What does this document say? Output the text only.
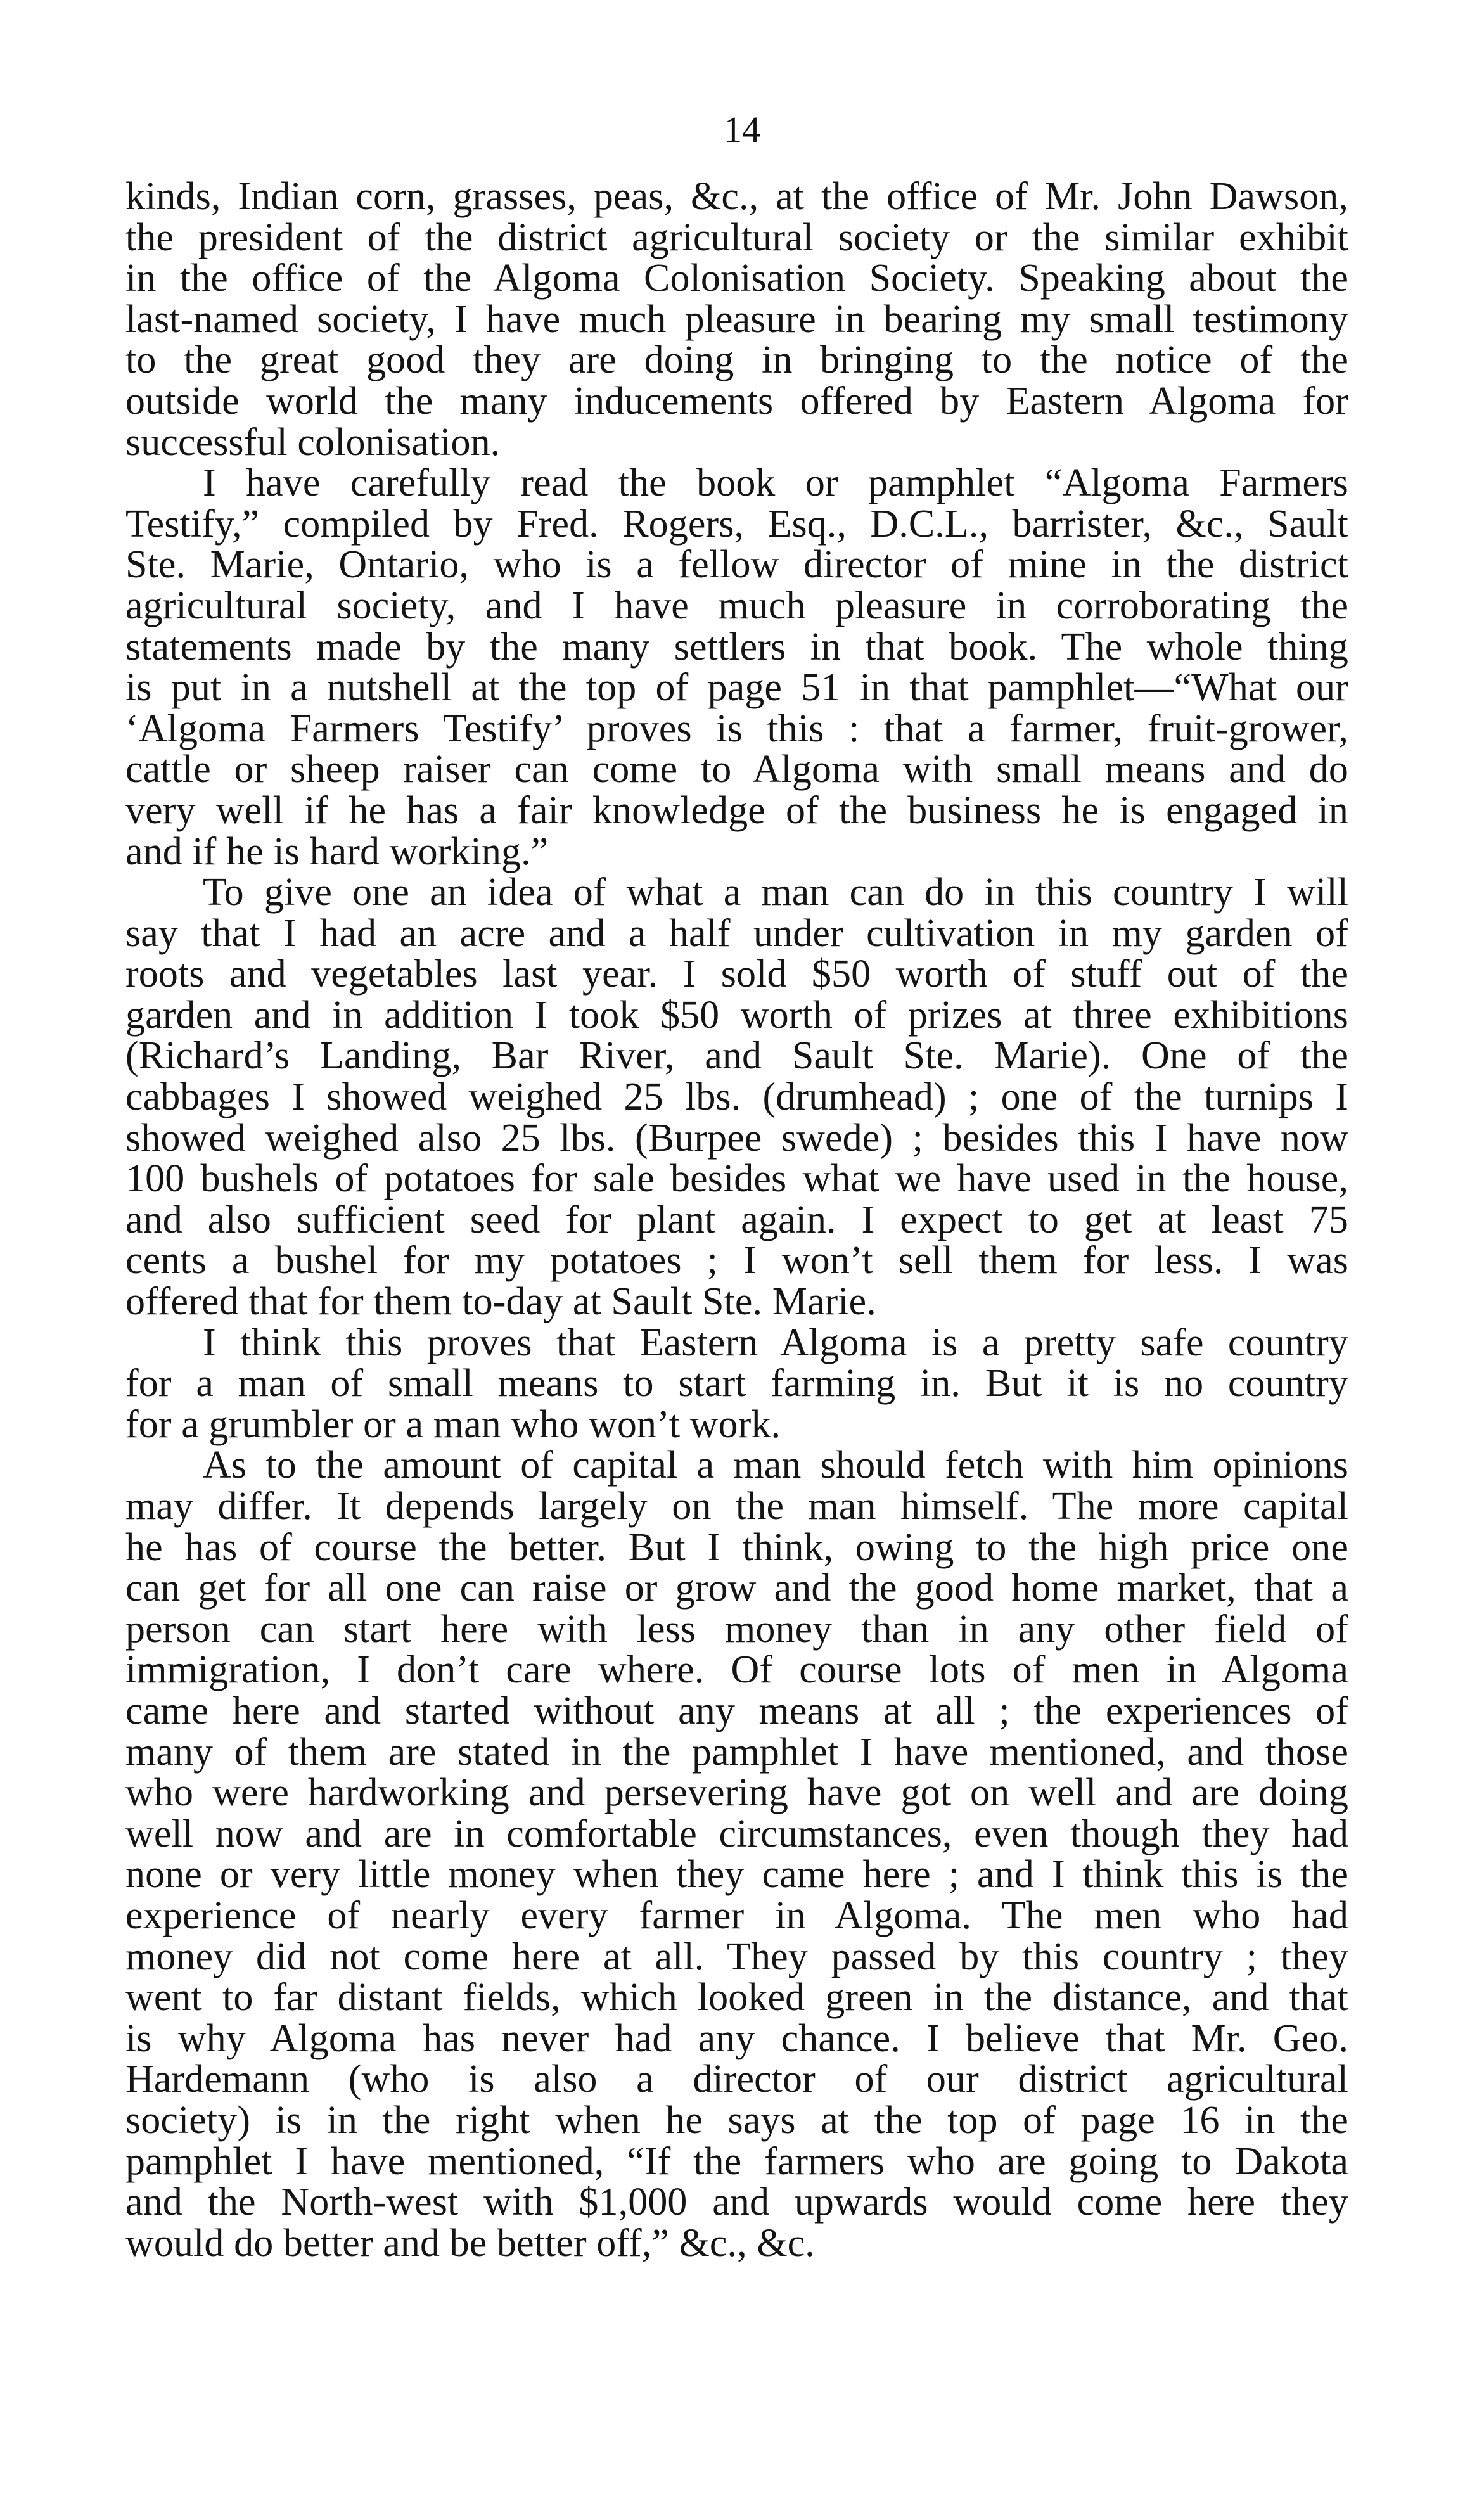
14
kinds, Indian corn, grasses, peas, &c., at the office of Mr. John Dawson,
the president of the district agricultural society or the similar exhibit
in the office of the Algoma Colonisation Society. Speaking about the
last-named society, I have much pleasure in bearing my small testimony
to the great good they are doing in bringing to the notice of the
outside world the many inducements offered by Eastern Algoma for
successful colonisation.
I have carefully read the book or pamphlet “Algoma Farmers
Testify,” compiled by Fred. Rogers, Esq., D.C.L., barrister, &c., Sault
Ste. Marie, Ontario, who is a fellow director of mine in the district
agricultural society, and I have much pleasure in corroborating the
statements made by the many settlers in that book. The whole thing
is put in a nutshell at the top of page 51 in that pamphlet—“What our
‘Algoma Farmers Testify’ proves is this : that a farmer, fruit-grower,
cattle or sheep raiser can come to Algoma with small means and do
very well if he has a fair knowledge of the business he is engaged in
and if he is hard working.”
To give one an idea of what a man can do in this country I will
say that I had an acre and a half under cultivation in my garden of
roots and vegetables last year. I sold $50 worth of stuff out of the
garden and in addition I took $50 worth of prizes at three exhibitions
(Richard’s Landing, Bar River, and Sault Ste. Marie). One of the
cabbages I showed weighed 25 lbs. (drumhead) ; one of the turnips I
showed weighed also 25 lbs. (Burpee swede) ; besides this I have now
100 bushels of potatoes for sale besides what we have used in the house,
and also sufficient seed for plant again. I expect to get at least 75
cents a bushel for my potatoes ; I won’t sell them for less. I was
offered that for them to-day at Sault Ste. Marie.
I think this proves that Eastern Algoma is a pretty safe country
for a man of small means to start farming in. But it is no country
for a grumbler or a man who won’t work.
As to the amount of capital a man should fetch with him opinions
may differ. It depends largely on the man himself. The more capital
he has of course the better. But I think, owing to the high price one
can get for all one can raise or grow and the good home market, that a
person can start here with less money than in any other field of
immigration, I don’t care where. Of course lots of men in Algoma
came here and started without any means at all ; the experiences of
many of them are stated in the pamphlet I have mentioned, and those
who were hardworking and persevering have got on well and are doing
well now and are in comfortable circumstances, even though they had
none or very little money when they came here ; and I think this is the
experience of nearly every farmer in Algoma. The men who had
money did not come here at all. They passed by this country ; they
went to far distant fields, which looked green in the distance, and that
is why Algoma has never had any chance. I believe that Mr. Geo.
Hardemann (who is also a director of our district agricultural
society) is in the right when he says at the top of page 16 in the
pamphlet I have mentioned, “If the farmers who are going to Dakota
and the North-west with $1,000 and upwards would come here they
would do better and be better off,” &c., &c.
